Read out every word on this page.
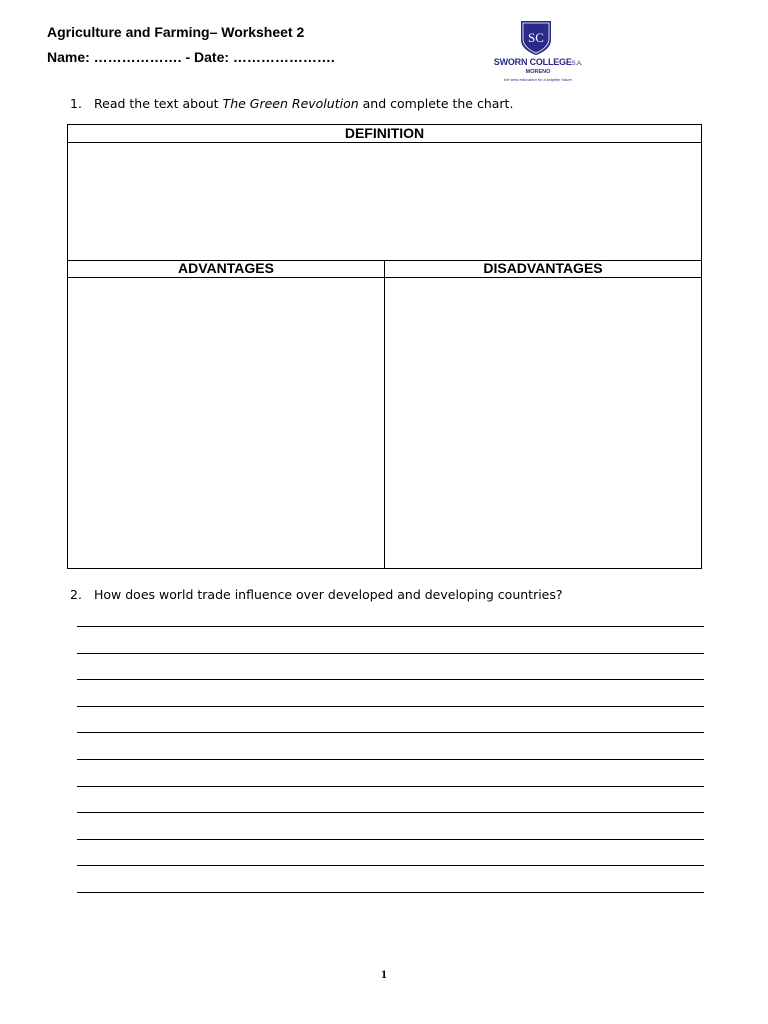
Agriculture and Farming– Worksheet 2
Name: ………………. - Date: ………………….
SC
SWORN COLLEGES.A.
MORENO
the best education for a brighter future
1. Read the text about The Green Revolution and complete the chart.
DEFINITION
ADVANTAGES	DISADVANTAGES
2. How does world trade influence over developed and developing countries?
1
